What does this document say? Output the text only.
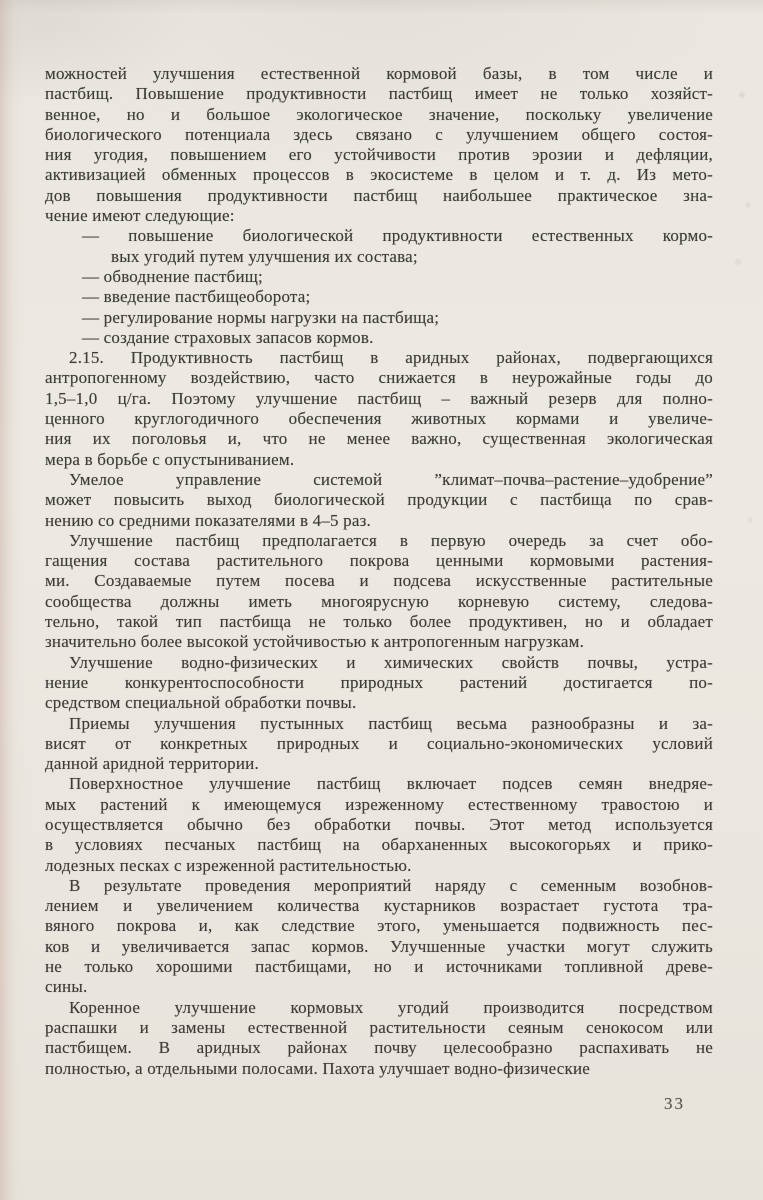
можностей улучшения естественной кормовой базы, в том числе и
пастбищ. Повышение продуктивности пастбищ имеет не только хозяйст-
венное, но и большое экологическое значение, поскольку увеличение
биологического потенциала здесь связано с улучшением общего состоя-
ния угодия, повышением его устойчивости против эрозии и дефляции,
активизацией обменных процессов в экосистеме в целом и т. д. Из мето-
дов повышения продуктивности пастбищ наибольшее практическое зна-
чение имеют следующие:
— повышение биологической продуктивности естественных кормо-
вых угодий путем улучшения их состава;
— обводнение пастбищ;
— введение пастбищеоборота;
— регулирование нормы нагрузки на пастбища;
— создание страховых запасов кормов.
2.15. Продуктивность пастбищ в аридных районах, подвергающихся
антропогенному воздействию, часто снижается в неурожайные годы до
1,5–1,0 ц/га. Поэтому улучшение пастбищ – важный резерв для полно-
ценного круглогодичного обеспечения животных кормами и увеличе-
ния их поголовья и, что не менее важно, существенная экологическая
мера в борьбе с опустыниванием.
Умелое управление системой ”климат–почва–растение–удобрение”
может повысить выход биологической продукции с пастбища по срав-
нению со средними показателями в 4–5 раз.
Улучшение пастбищ предполагается в первую очередь за счет обо-
гащения состава растительного покрова ценными кормовыми растения-
ми. Создаваемые путем посева и подсева искусственные растительные
сообщества должны иметь многоярусную корневую систему, следова-
тельно, такой тип пастбища не только более продуктивен, но и обладает
значительно более высокой устойчивостью к антропогенным нагрузкам.
Улучшение водно-физических и химических свойств почвы, устра-
нение конкурентоспособности природных растений достигается по-
средством специальной обработки почвы.
Приемы улучшения пустынных пастбищ весьма разнообразны и за-
висят от конкретных природных и социально-экономических условий
данной аридной территории.
Поверхностное улучшение пастбищ включает подсев семян внедряе-
мых растений к имеющемуся изреженному естественному травостою и
осуществляется обычно без обработки почвы. Этот метод используется
в условиях песчаных пастбищ на обарханенных высокогорьях и прико-
лодезных песках с изреженной растительностью.
В результате проведения мероприятий наряду с семенным возобнов-
лением и увеличением количества кустарников возрастает густота тра-
вяного покрова и, как следствие этого, уменьшается подвижность пес-
ков и увеличивается запас кормов. Улучшенные участки могут служить
не только хорошими пастбищами, но и источниками топливной древе-
сины.
Коренное улучшение кормовых угодий производится посредством
распашки и замены естественной растительности сеяным сенокосом или
пастбищем. В аридных районах почву целесообразно распахивать не
полностью, а отдельными полосами. Пахота улучшает водно-физические
33
